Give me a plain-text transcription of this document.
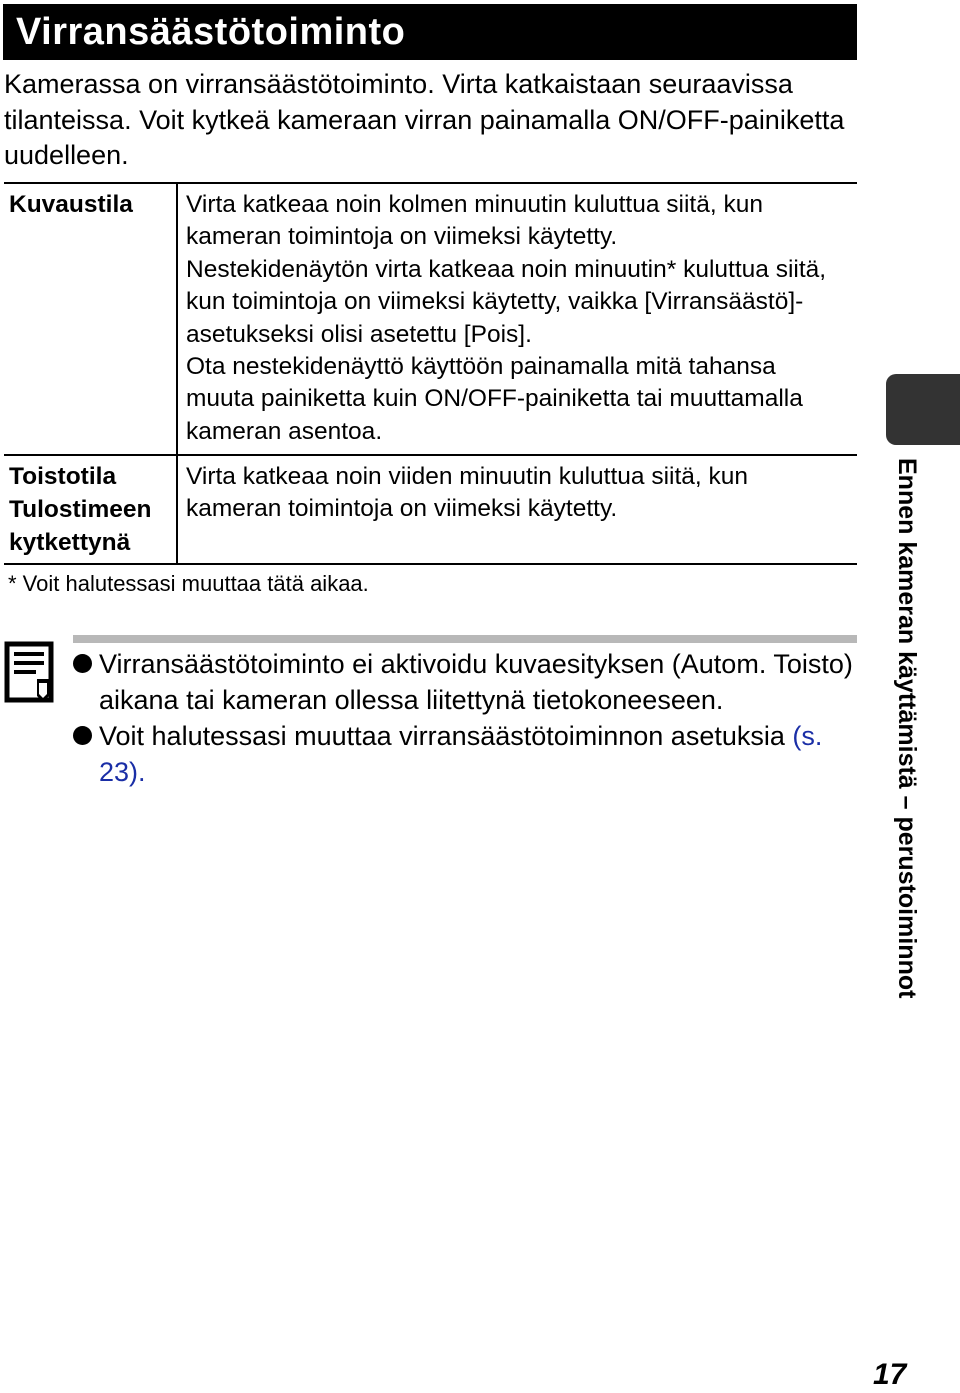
Virransäästötoiminto
Kamerassa on virransäästötoiminto. Virta katkaistaan seuraavissa tilanteissa. Voit kytkeä kameraan virran painamalla ON/OFF-painiketta uudelleen.
Kuvaustila Virta katkeaa noin kolmen minuutin kuluttua siitä, kun kameran toimintoja on viimeksi käytetty.

Nestekidenäytön virta katkeaa noin minuutin* kuluttua siitä, kun toimintoja on viimeksi käytetty, vaikka [Virransäästö]-asetukseksi olisi asetettu [Pois].

Ota nestekidenäyttö käyttöön painamalla mitä tahansa muuta painiketta kuin ON/OFF-painiketta tai muuttamalla kameran asentoa.

Toistotila
Tulostimeen
kytkettynä

Virta katkeaa noin viiden minuutin kuluttua siitä, kun kameran toimintoja on viimeksi käytetty.

* Voit halutessasi muuttaa tätä aikaa.
Virransäästötoiminto ei aktivoidu kuvaesityksen (Autom. Toisto) aikana tai kameran ollessa liitettynä tietokoneeseen.
Voit halutessasi muuttaa virransäästötoiminnon asetuksia (s. 23).	Ennen kameran käyttämistä – perustoiminnot
17
